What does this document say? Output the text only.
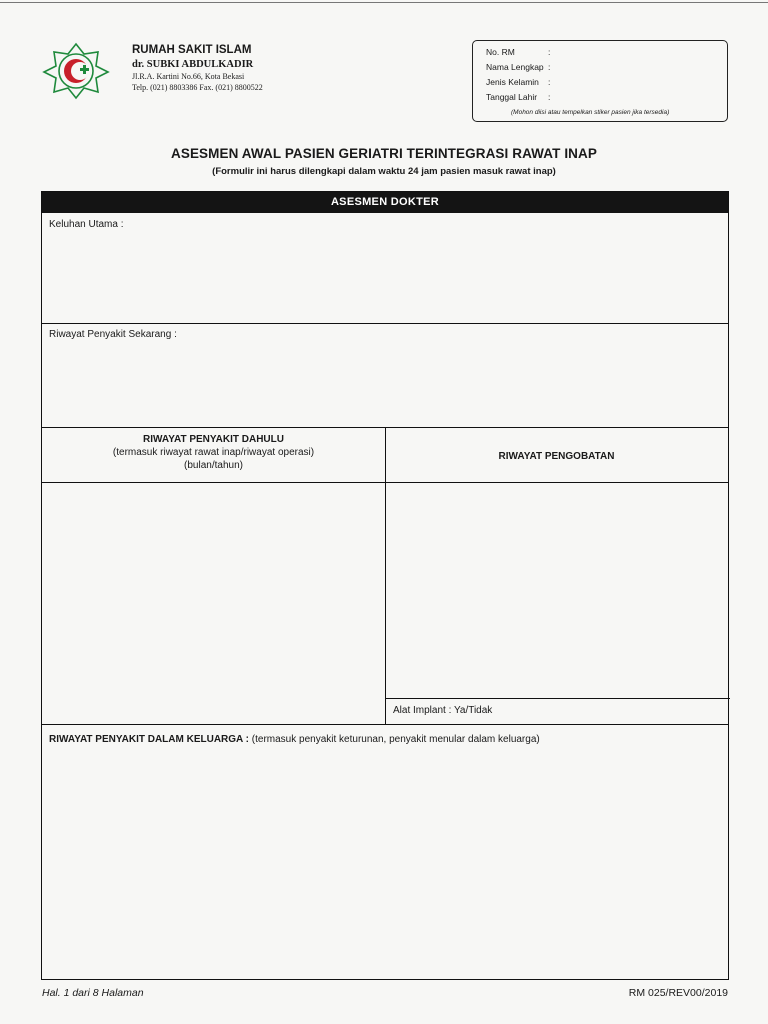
RUMAH SAKIT ISLAM
dr. SUBKI ABDULKADIR
Jl.R.A. Kartini No.66, Kota Bekasi
Telp. (021) 8803386 Fax. (021) 8800522
No. RM	:
Nama Lengkap :
Jenis Kelamin :
Tanggal Lahir :
(Mohon diisi atau tempelkan stiker pasien jika tersedia)
ASESMEN AWAL PASIEN GERIATRI TERINTEGRASI RAWAT INAP
(Formulir ini harus dilengkapi dalam waktu 24 jam pasien masuk rawat inap)
ASESMEN DOKTER
Keluhan Utama :
Riwayat Penyakit Sekarang :
RIWAYAT PENYAKIT DAHULU
(termasuk riwayat rawat inap/riwayat operasi)
(bulan/tahun)
RIWAYAT PENGOBATAN
Alat Implant : Ya/Tidak
RIWAYAT PENYAKIT DALAM KELUARGA : (termasuk penyakit keturunan, penyakit menular dalam keluarga)
Hal. 1 dari 8 Halaman	RM 025/REV00/2019
